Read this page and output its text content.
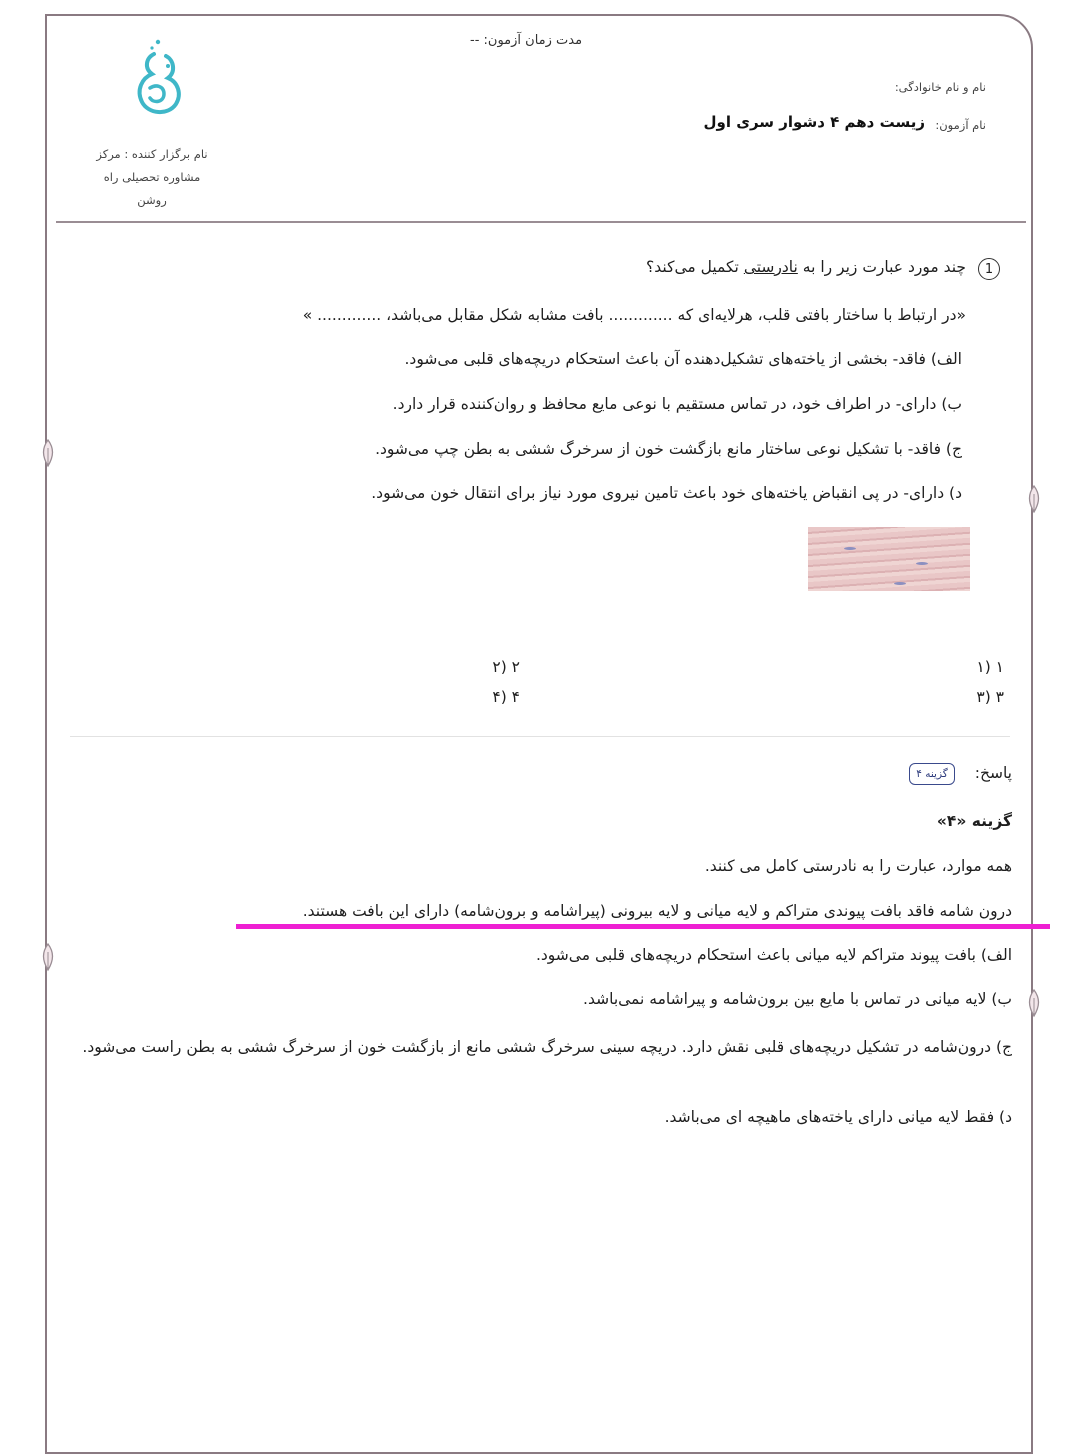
مدت زمان آزمون: --
نام برگزار کننده : مرکز
مشاوره تحصیلی راه
روشن
نام و نام خانوادگی:
نام آزمون:
زیست دهم ۴ دشوار سری اول
1
چند مورد عبارت زیر را به نادرستی تکمیل می‌کند؟
«در ارتباط با ساختار بافتی قلب، هرلایه‌ای که ............. بافت مشابه شکل مقابل می‌باشد، ............. »
الف) فاقد- بخشی از یاخته‌های تشکیل‌دهنده آن باعث استحکام دریچه‌های قلبی می‌شود.
ب) دارای- در اطراف خود، در تماس مستقیم با نوعی مایع محافظ و روان‌کننده قرار دارد.
ج) فاقد- با تشکیل نوعی ساختار مانع بازگشت خون از سرخرگ ششی به بطن چپ می‌شود.
د) دارای- در پی انقباض یاخته‌های خود باعث تامین نیروی مورد نیاز برای انتقال خون می‌شود.
۱) ۱
۲) ۲
۳) ۳
۴) ۴
پاسخ:
گزینه ۴
گزینه «۴»
همه موارد، عبارت را به نادرستی کامل می کنند.
درون شامه فاقد بافت پیوندی متراکم و لایه میانی و لایه بیرونی (پیراشامه و برون‌شامه) دارای این بافت هستند.
الف) بافت پیوند متراکم لایه میانی باعث استحکام دریچه‌های قلبی می‌شود.
ب) لایه میانی در تماس با مایع بین برون‌شامه و پیراشامه نمی‌باشد.
ج) درون‌شامه در تشکیل دریچه‌های قلبی نقش دارد. دریچه سینی سرخرگ ششی مانع از بازگشت خون از سرخرگ ششی به بطن راست می‌شود.
د) فقط لایه میانی دارای یاخته‌های ماهیچه ای می‌باشد.
